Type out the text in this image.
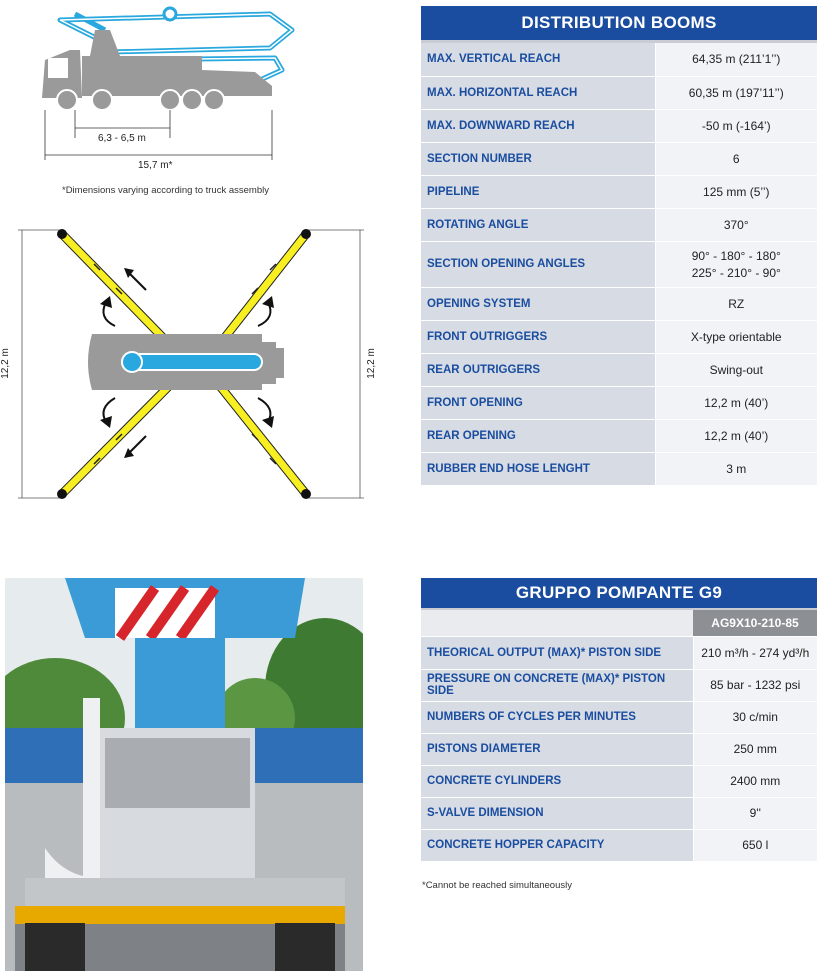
6,3 - 6,5 m
15,7 m*
*Dimensions varying according to truck assembly
12,2 m	12,2 m
DISTRIBUTION BOOMS
MAX. VERTICAL REACH	64,35 m (211’1’’)
MAX. HORIZONTAL REACH	60,35 m (197’11’’)
MAX. DOWNWARD REACH	-50 m (-164’)
SECTION NUMBER	6
PIPELINE	125 mm (5’’)
ROTATING ANGLE	370°
SECTION OPENING ANGLES	90° - 180° - 180°
225° - 210° - 90°

OPENING SYSTEM	RZ
FRONT OUTRIGGERS	X-type orientable
REAR OUTRIGGERS	Swing-out
FRONT OPENING	12,2 m (40’)
REAR OPENING	12,2 m (40’)
RUBBER END HOSE LENGHT	3 m
GRUPPO POMPANTE G9
AG9X10-210-85
THEORICAL OUTPUT (MAX)* PISTON SIDE	210 m³/h - 274 yd³/h
PRESSURE ON CONCRETE (MAX)* PISTON SIDE	85 bar - 1232 psi
NUMBERS OF CYCLES PER MINUTES	30 c/min
PISTONS DIAMETER	250 mm
CONCRETE CYLINDERS	2400 mm
S-VALVE DIMENSION	9''
CONCRETE HOPPER CAPACITY	650 l
*Cannot be reached simultaneously
